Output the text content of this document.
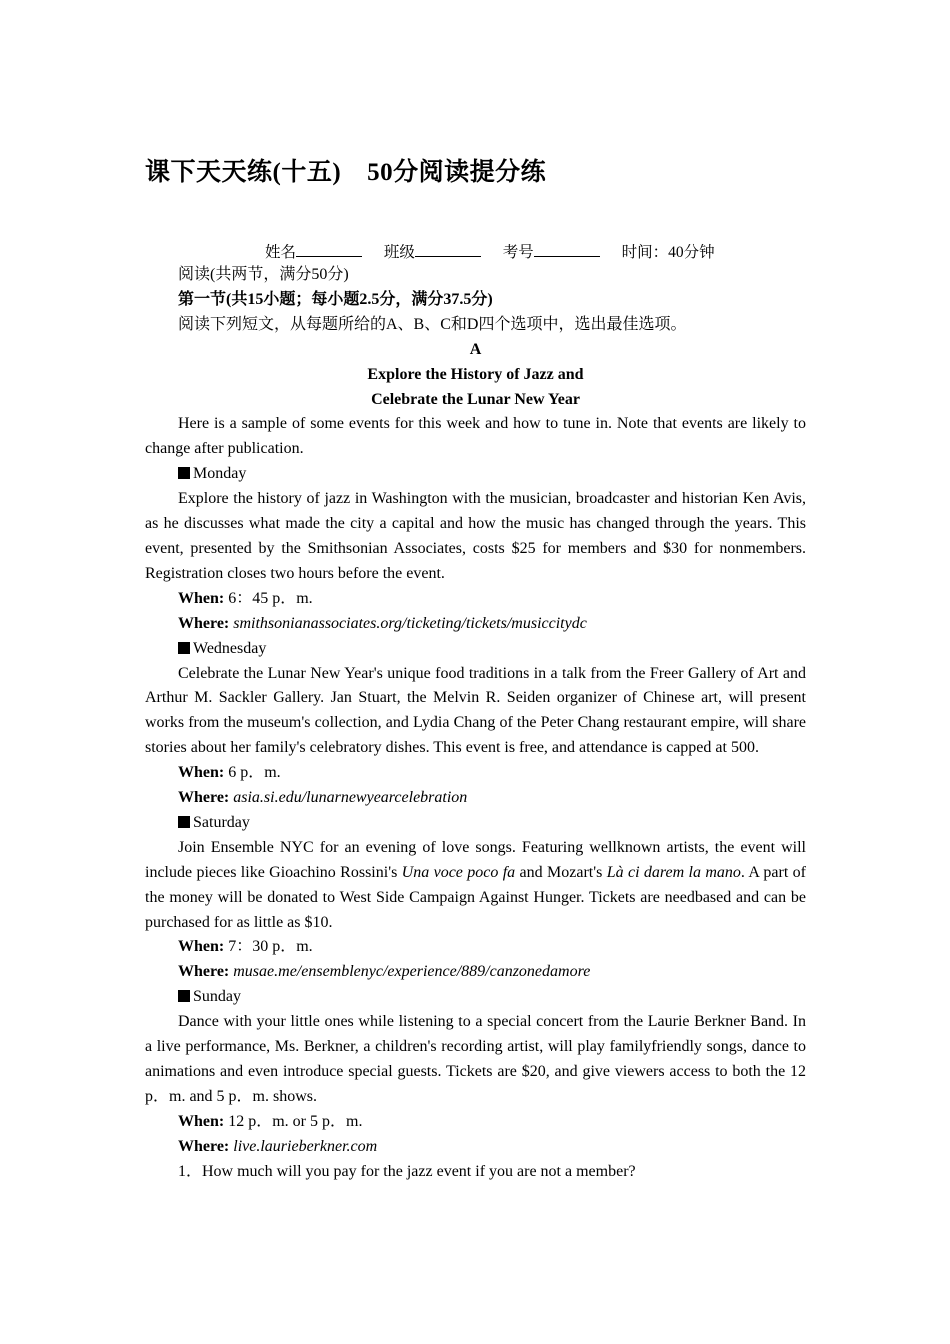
课下天天练(十五) 50分阅读提分练
姓名	班级	考号	时间：40分钟
阅读(共两节，满分50分)
第一节(共15小题；每小题2.5分，满分37.5分)
阅读下列短文，从每题所给的A、B、C和D四个选项中，选出最佳选项。
A
Explore the History of Jazz and
Celebrate the Lunar New Year

Here is a sample of some events for this week and how to tune in. Note that events are likely to change after publication.

Monday

Explore the history of jazz in Washington with the musician, broadcaster and historian Ken Avis, as he discusses what made the city a capital and how the music has changed through the years. This event, presented by the Smithsonian Associates, costs $25 for members and $30 for nonmembers. Registration closes two hours before the event.

When: 6：45 p．m.
Where: smithsonianassociates.org/ticketing/tickets/musiccitydc
Wednesday

Celebrate the Lunar New Year's unique food traditions in a talk from the Freer Gallery of Art and Arthur M. Sackler Gallery. Jan Stuart, the Melvin R. Seiden organizer of Chinese art, will present works from the museum's collection, and Lydia Chang of the Peter Chang restaurant empire, will share stories about her family's celebratory dishes. This event is free, and attendance is capped at 500.

When: 6 p．m.
Where: asia.si.edu/lunarnewyearcelebration
Saturday

Join Ensemble NYC for an evening of love songs. Featuring wellknown artists, the event will include pieces like Gioachino Rossini's Una voce poco fa and Mozart's Là ci darem la mano. A part of the money will be donated to West Side Campaign Against Hunger. Tickets are needbased and can be purchased for as little as $10.

When: 7：30 p．m.
Where: musae.me/ensemblenyc/experience/889/canzonedamore
Sunday

Dance with your little ones while listening to a special concert from the Laurie Berkner Band. In a live performance, Ms. Berkner, a children's recording artist, will play familyfriendly songs, dance to animations and even introduce special guests. Tickets are $20, and give viewers access to both the 12 p．m. and 5 p．m. shows.

When: 12 p．m. or 5 p．m.
Where: live.laurieberkner.com
1．How much will you pay for the jazz event if you are not a member?
